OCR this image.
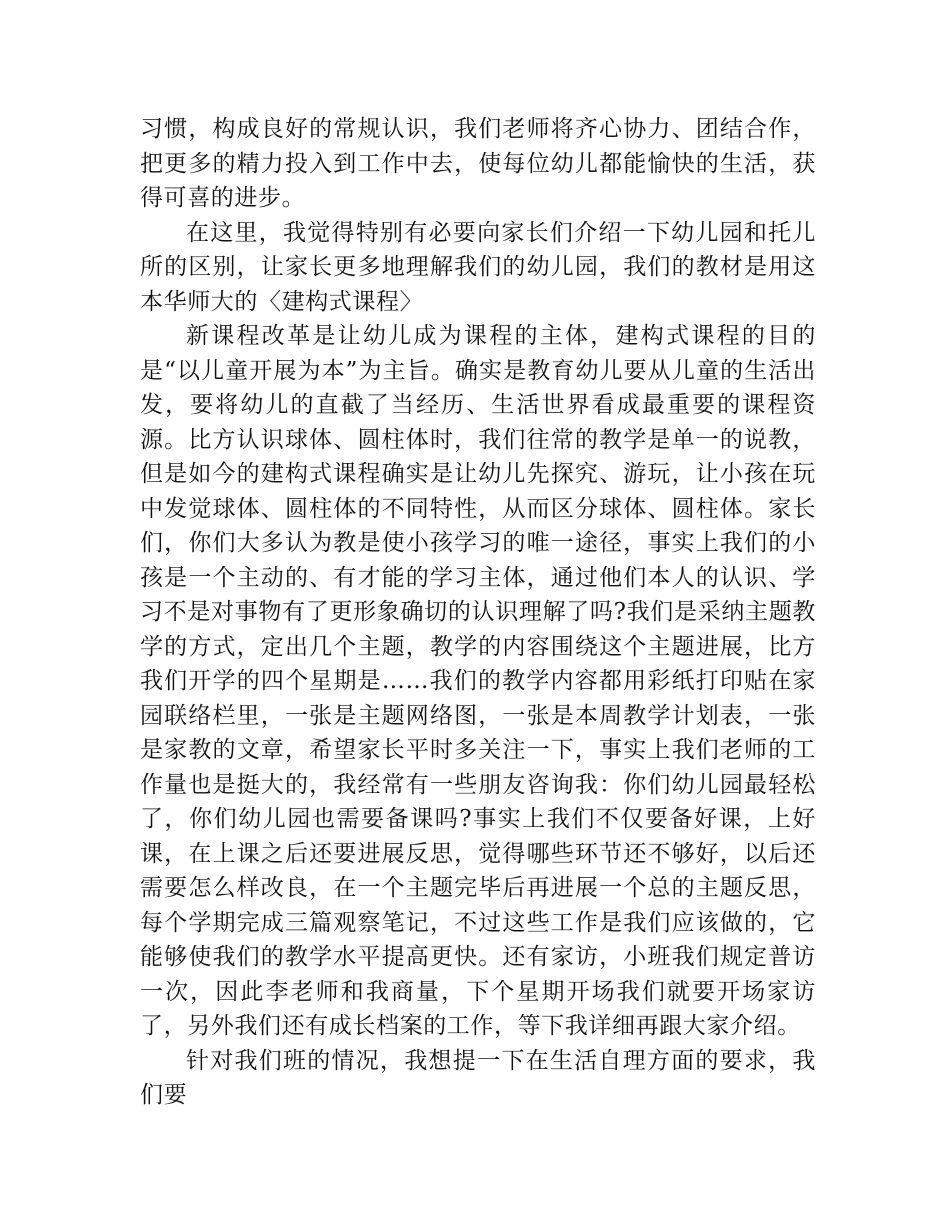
习惯，构成良好的常规认识，我们老师将齐心协力、团结合作，把更多的精力投入到工作中去，使每位幼儿都能愉快的生活，获得可喜的进步。

在这里，我觉得特别有必要向家长们介绍一下幼儿园和托儿所的区别，让家长更多地理解我们的幼儿园，我们的教材是用这本华师大的〈建构式课程〉

新课程改革是让幼儿成为课程的主体，建构式课程的目的是“以儿童开展为本”为主旨。确实是教育幼儿要从儿童的生活出发，要将幼儿的直截了当经历、生活世界看成最重要的课程资源。比方认识球体、圆柱体时，我们往常的教学是单一的说教，但是如今的建构式课程确实是让幼儿先探究、游玩，让小孩在玩中发觉球体、圆柱体的不同特性，从而区分球体、圆柱体。家长们，你们大多认为教是使小孩学习的唯一途径，事实上我们的小孩是一个主动的、有才能的学习主体，通过他们本人的认识、学习不是对事物有了更形象确切的认识理解了吗?我们是采纳主题教学的方式，定出几个主题，教学的内容围绕这个主题进展，比方我们开学的四个星期是……我们的教学内容都用彩纸打印贴在家园联络栏里，一张是主题网络图，一张是本周教学计划表，一张是家教的文章，希望家长平时多关注一下，事实上我们老师的工作量也是挺大的，我经常有一些朋友咨询我：你们幼儿园最轻松了，你们幼儿园也需要备课吗?事实上我们不仅要备好课，上好课，在上课之后还要进展反思，觉得哪些环节还不够好，以后还需要怎么样改良，在一个主题完毕后再进展一个总的主题反思，每个学期完成三篇观察笔记，不过这些工作是我们应该做的，它能够使我们的教学水平提高更快。还有家访，小班我们规定普访一次，因此李老师和我商量，下个星期开场我们就要开场家访了，另外我们还有成长档案的工作，等下我详细再跟大家介绍。

针对我们班的情况，我想提一下在生活自理方面的要求，我们要
